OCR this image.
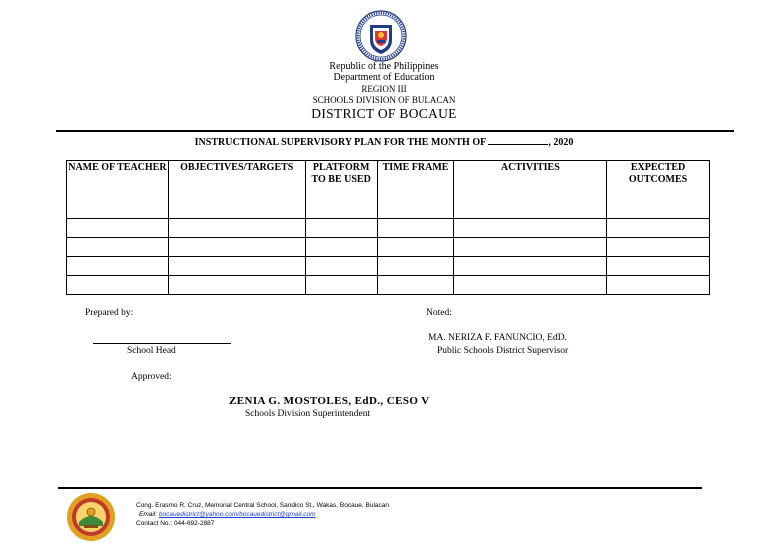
Republic of the Philippines
Department of Education
REGION III
SCHOOLS DIVISION OF BULACAN
DISTRICT OF BOCAUE
INSTRUCTIONAL SUPERVISORY PLAN FOR THE MONTH OF	, 2020
NAME OF TEACHER	OBJECTIVES/TARGETS	PLATFORM TO BE USED	TIME FRAME	ACTIVITIES	EXPECTED OUTCOMES

Prepared by:
School Head
Noted:
MA. NERIZA F. FANUNCIO, EdD.
Public Schools District Supervisor
Approved:
ZENIA G. MOSTOLES, EdD., CESO V
Schools Division Superintendent
Cong. Erasmo R. Cruz, Memorial Central School, Sandico St., Wakas, Bocaue, Bulacan
Email: bocauedistrict@yahoo.com/bocauedistrict@gmail.com
Contact No.: 044-692-2887
